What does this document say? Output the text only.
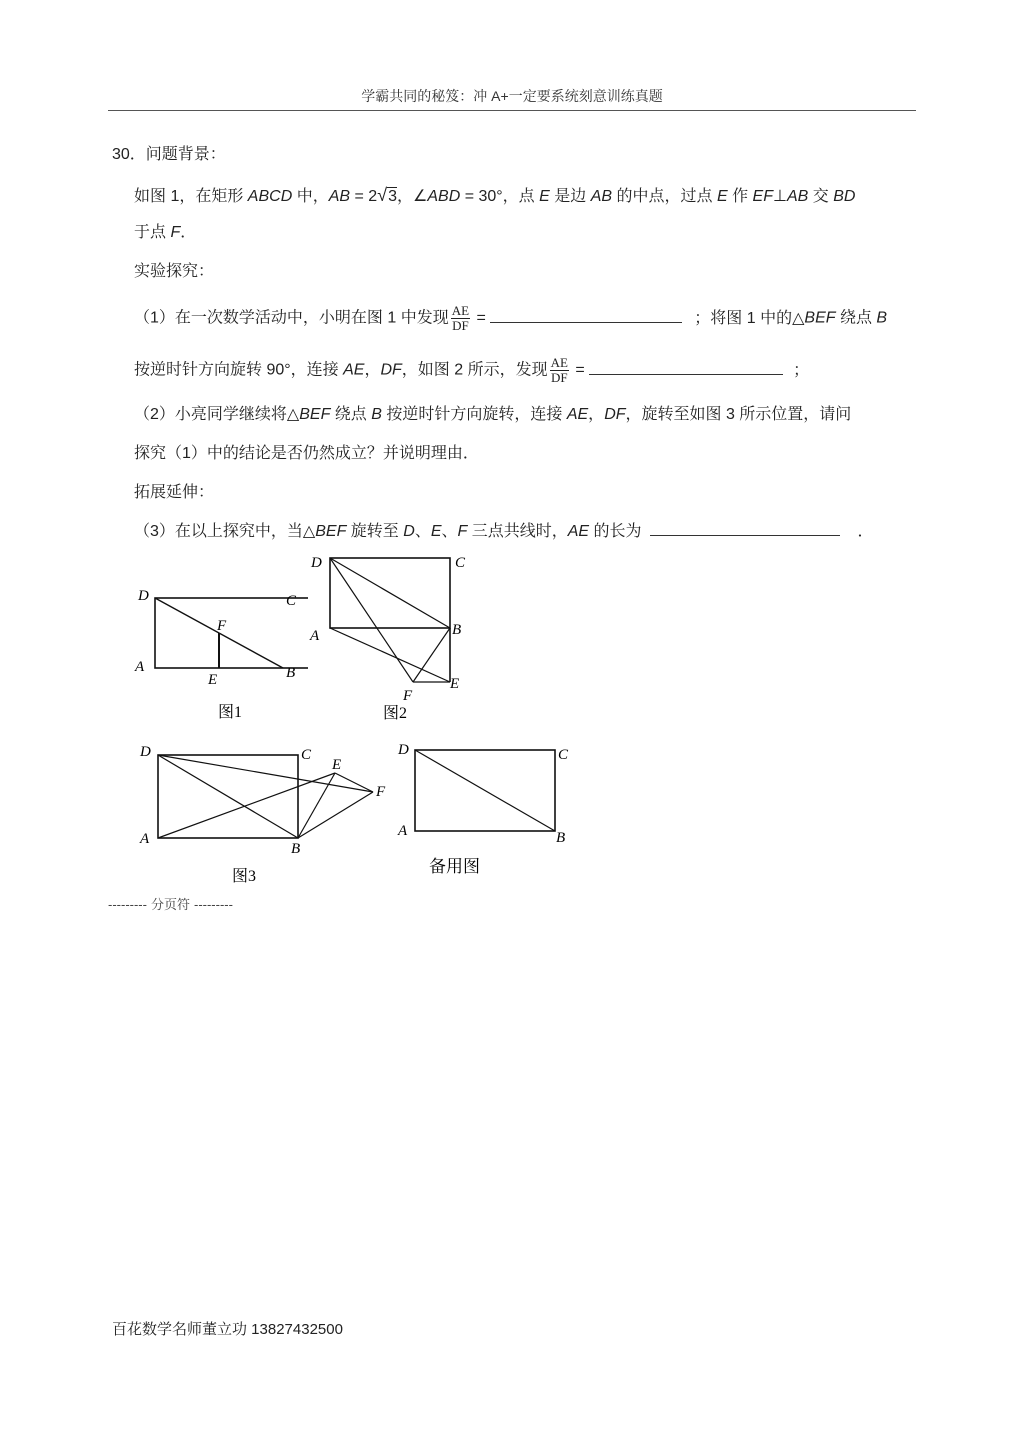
学霸共同的秘笈：冲 A+一定要系统刻意训练真题
30．问题背景：
如图 1，在矩形 ABCD 中，AB = 2√3，∠ABD = 30°，点 E 是边 AB 的中点，过点 E 作 EF⊥AB 交 BD
于点 F．
实验探究：
（1）在一次数学活动中，小明在图 1 中发现 $\frac{AE}{DF}$ =	；将图 1 中的△BEF 绕点 B
按逆时针方向旋转 90°，连接 AE，DF，如图 2 所示，发现 $\frac{AE}{DF}$ =	；
（2）小亮同学继续将△BEF 绕点 B 按逆时针方向旋转，连接 AE，DF，旋转至如图 3 所示位置，请问
探究（1）中的结论是否仍然成立？并说明理由．
拓展延伸：
（3）在以上探究中，当△BEF 旋转至 D、E、F 三点共线时，AE 的长为	．
D	C
F
A
E	B
图1
D	C
A	B
F
E
图2
D	C
E
F
A
B
图3
D	C
A	B
备用图
--------- 分页符 ---------
百花数学名师董立功 13827432500
